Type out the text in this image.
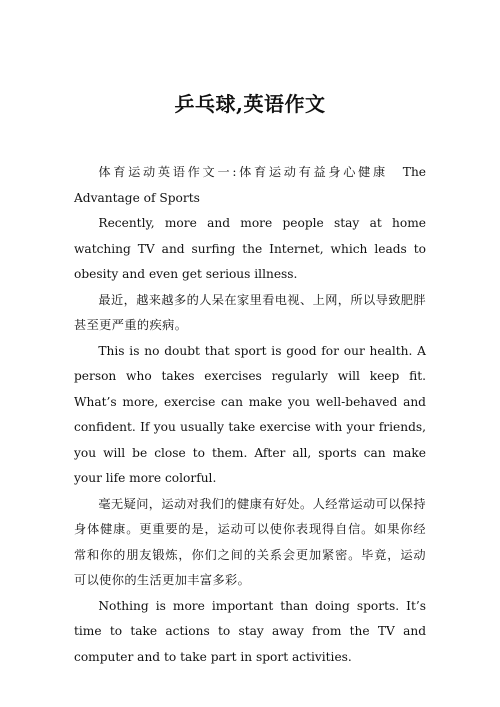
乒乓球,英语作文

体育运动英语作文一:体育运动有益身心健康　The Advantage of Sports

Recently, more and more people stay at home watching TV and surfing the Internet, which leads to obesity and even get serious illness.

最近，越来越多的人呆在家里看电视、上网，所以导致肥胖甚至更严重的疾病。

This is no doubt that sport is good for our health. A person who takes exercises regularly will keep fit. What’s more, exercise can make you well-behaved and confident. If you usually take exercise with your friends, you will be close to them. After all, sports can make your life more colorful.

毫无疑问，运动对我们的健康有好处。人经常运动可以保持身体健康。更重要的是，运动可以使你表现得自信。如果你经常和你的朋友锻炼，你们之间的关系会更加紧密。毕竟，运动可以使你的生活更加丰富多彩。

Nothing is more important than doing sports. It’s time to take actions to stay away from the TV and computer and to take part in sport activities.
